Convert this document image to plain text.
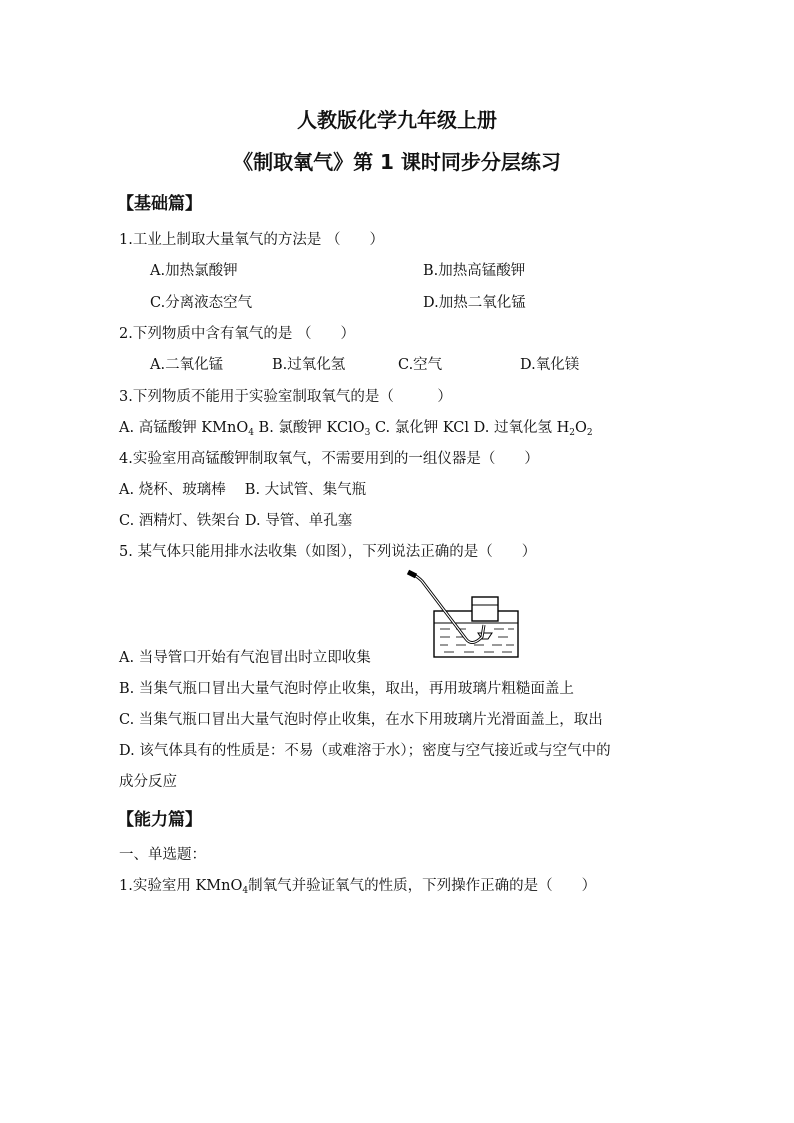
人教版化学九年级上册
《制取氧气》第 1 课时同步分层练习
【基础篇】
1.工业上制取大量氧气的方法是 （　　）
A.加热氯酸钾	B.加热高锰酸钾
C.分离液态空气	D.加热二氧化锰
2.下列物质中含有氧气的是 （　　）
A.二氧化锰	B.过氧化氢	C.空气	D.氧化镁
3.下列物质不能用于实验室制取氧气的是（　　　）
A. 高锰酸钾 KMnO$_4$ B. 氯酸钾 KClO$_3$ C. 氯化钾 KCl D. 过氧化氢 $H_2O_2$
4.实验室用高锰酸钾制取氧气，不需要用到的一组仪器是（　　）
A. 烧杯、玻璃棒　 B. 大试管、集气瓶
C. 酒精灯、铁架台 D. 导管、单孔塞
5. 某气体只能用排水法收集（如图），下列说法正确的是（　　）
A. 当导管口开始有气泡冒出时立即收集
B. 当集气瓶口冒出大量气泡时停止收集，取出，再用玻璃片粗糙面盖上
C. 当集气瓶口冒出大量气泡时停止收集，在水下用玻璃片光滑面盖上，取出
D. 该气体具有的性质是：不易（或难溶于水）；密度与空气接近或与空气中的
成分反应
【能力篇】
一、单选题：
1.实验室用 KMnO$_4$制氧气并验证氧气的性质，下列操作正确的是（　　）
